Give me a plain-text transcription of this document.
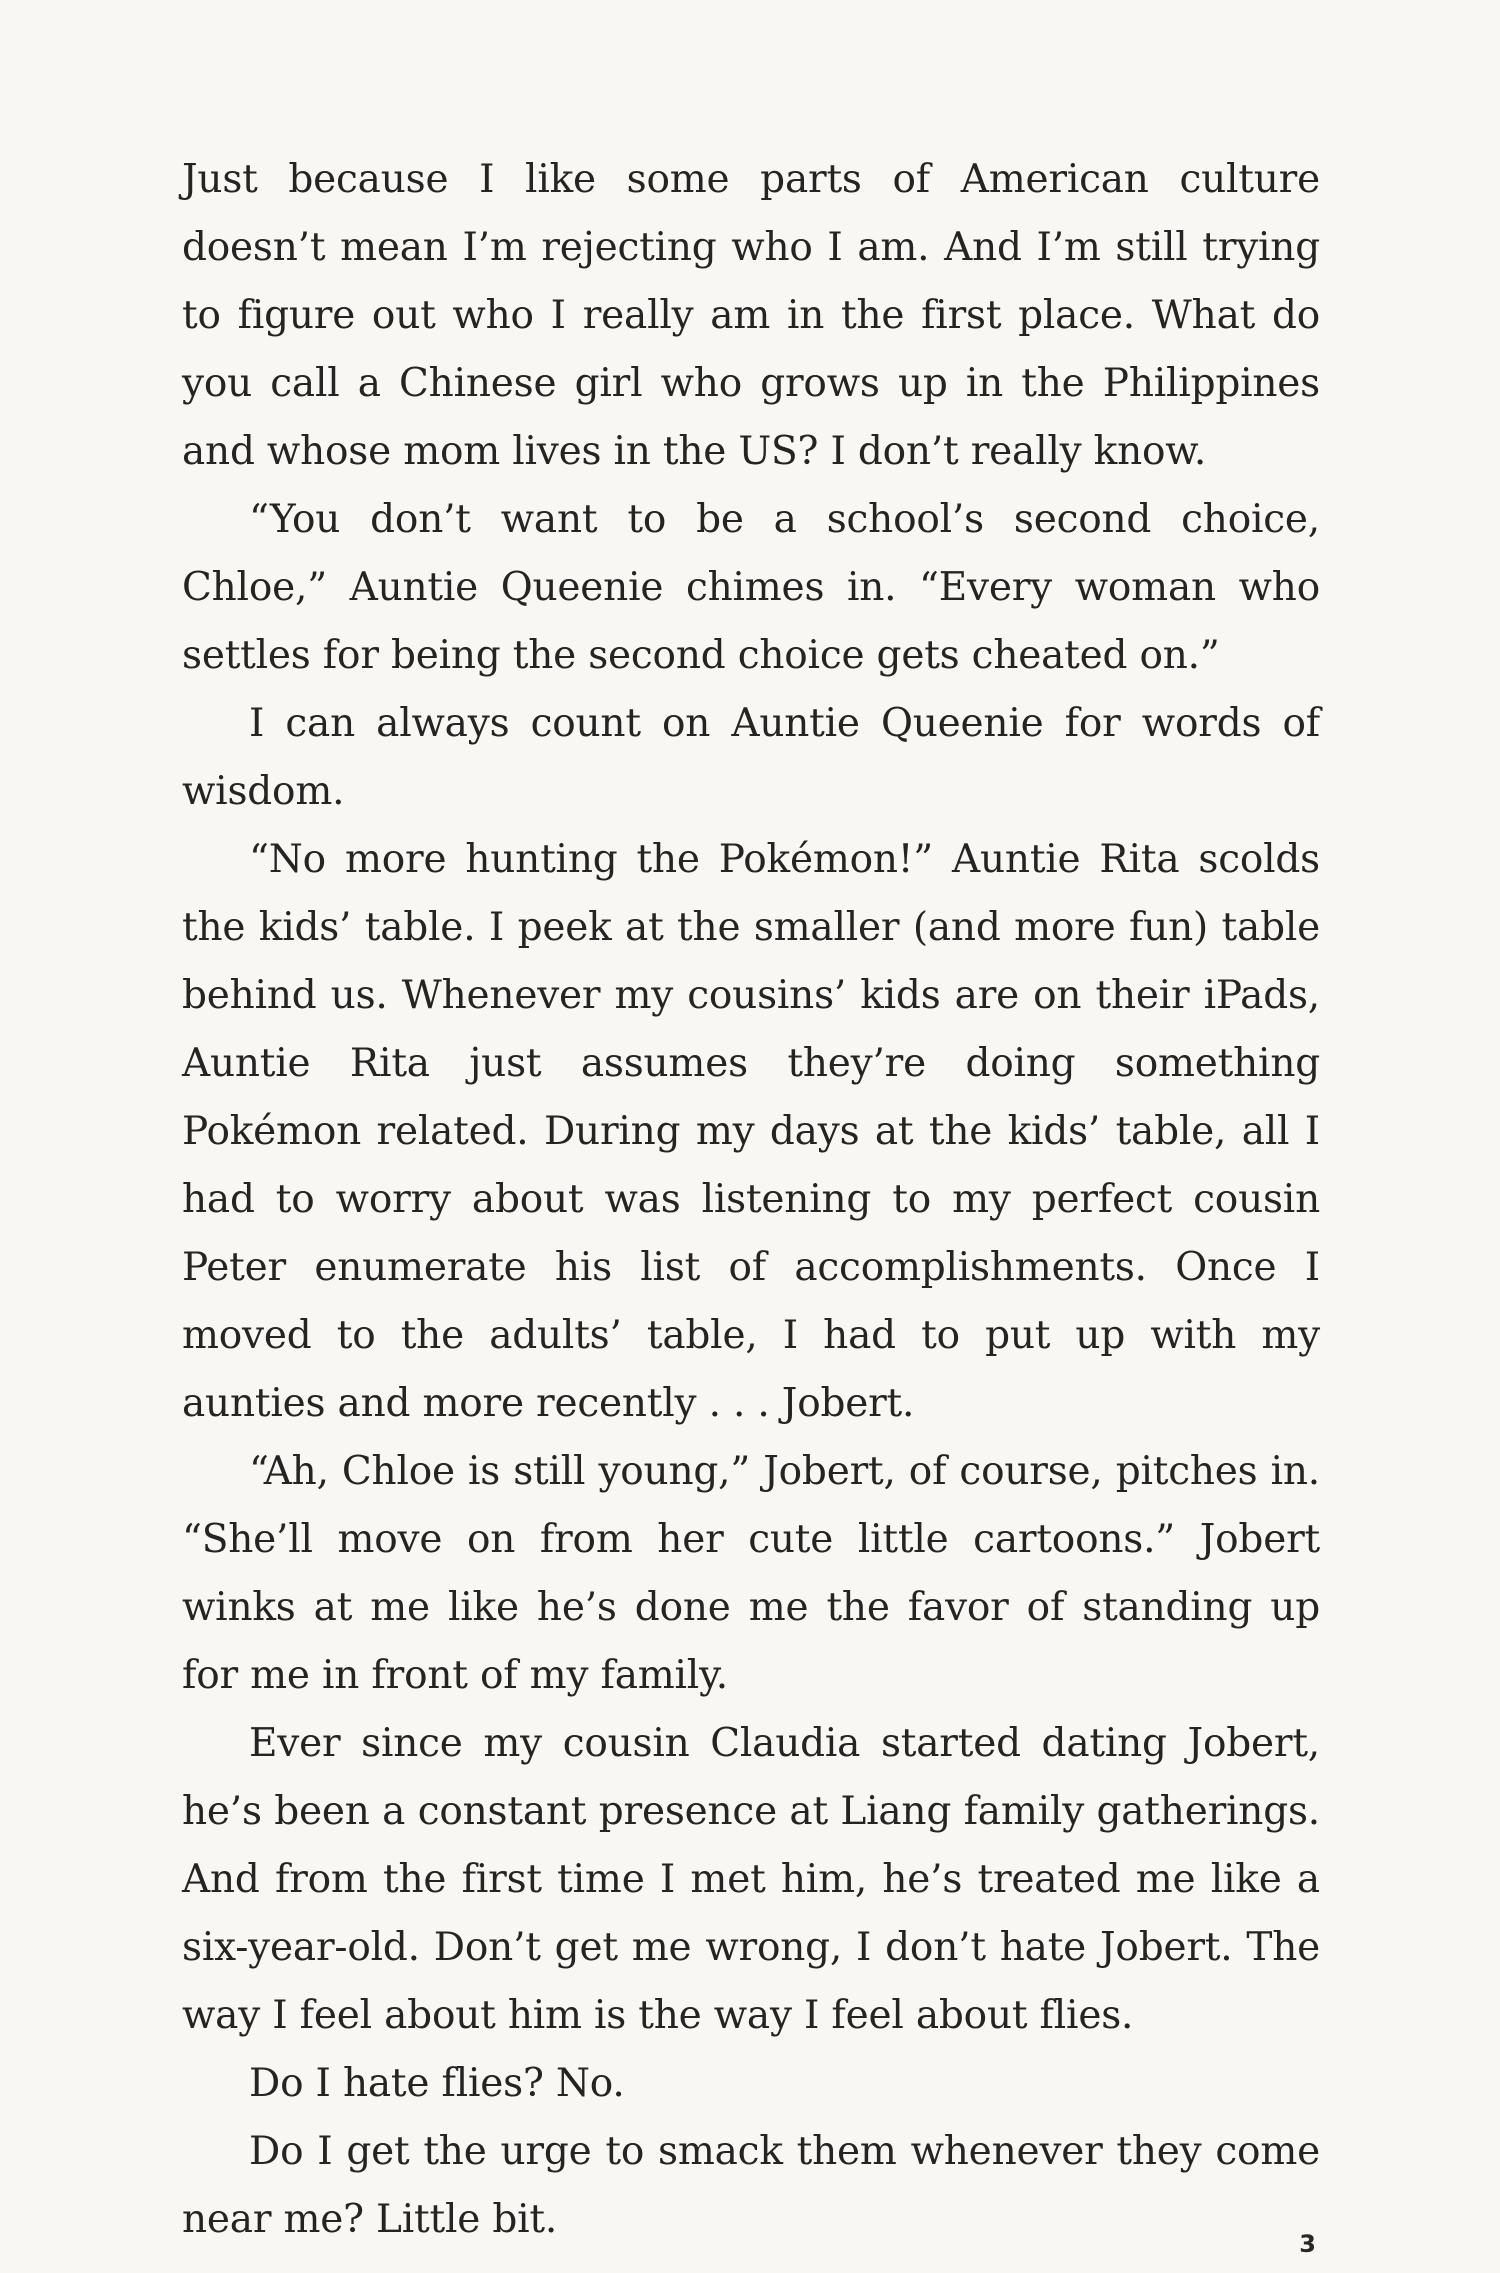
Just because I like some parts of American culture doesn’t mean I’m rejecting who I am. And I’m still trying to figure out who I really am in the first place. What do you call a Chinese girl who grows up in the Philippines and whose mom lives in the US? I don’t really know.

“You don’t want to be a school’s second choice, Chloe,” Auntie Queenie chimes in. “Every woman who settles for being the second choice gets cheated on.”

I can always count on Auntie Queenie for words of wisdom.

“No more hunting the Pokémon!” Auntie Rita scolds the kids’ table. I peek at the smaller (and more fun) table behind us. Whenever my cousins’ kids are on their iPads, Auntie Rita just assumes they’re doing something Pokémon related. During my days at the kids’ table, all I had to worry about was listening to my perfect cousin Peter enumerate his list of accomplishments. Once I moved to the adults’ table, I had to put up with my aunties and more recently . . . Jobert.

“Ah, Chloe is still young,” Jobert, of course, pitches in. “She’ll move on from her cute little cartoons.” Jobert winks at me like he’s done me the favor of standing up for me in front of my family.

Ever since my cousin Claudia started dating Jobert, he’s been a constant presence at Liang family gatherings. And from the first time I met him, he’s treated me like a six-year-old. Don’t get me wrong, I don’t hate Jobert. The way I feel about him is the way I feel about flies.

Do I hate flies? No.

Do I get the urge to smack them whenever they come near me? Little bit.

3
